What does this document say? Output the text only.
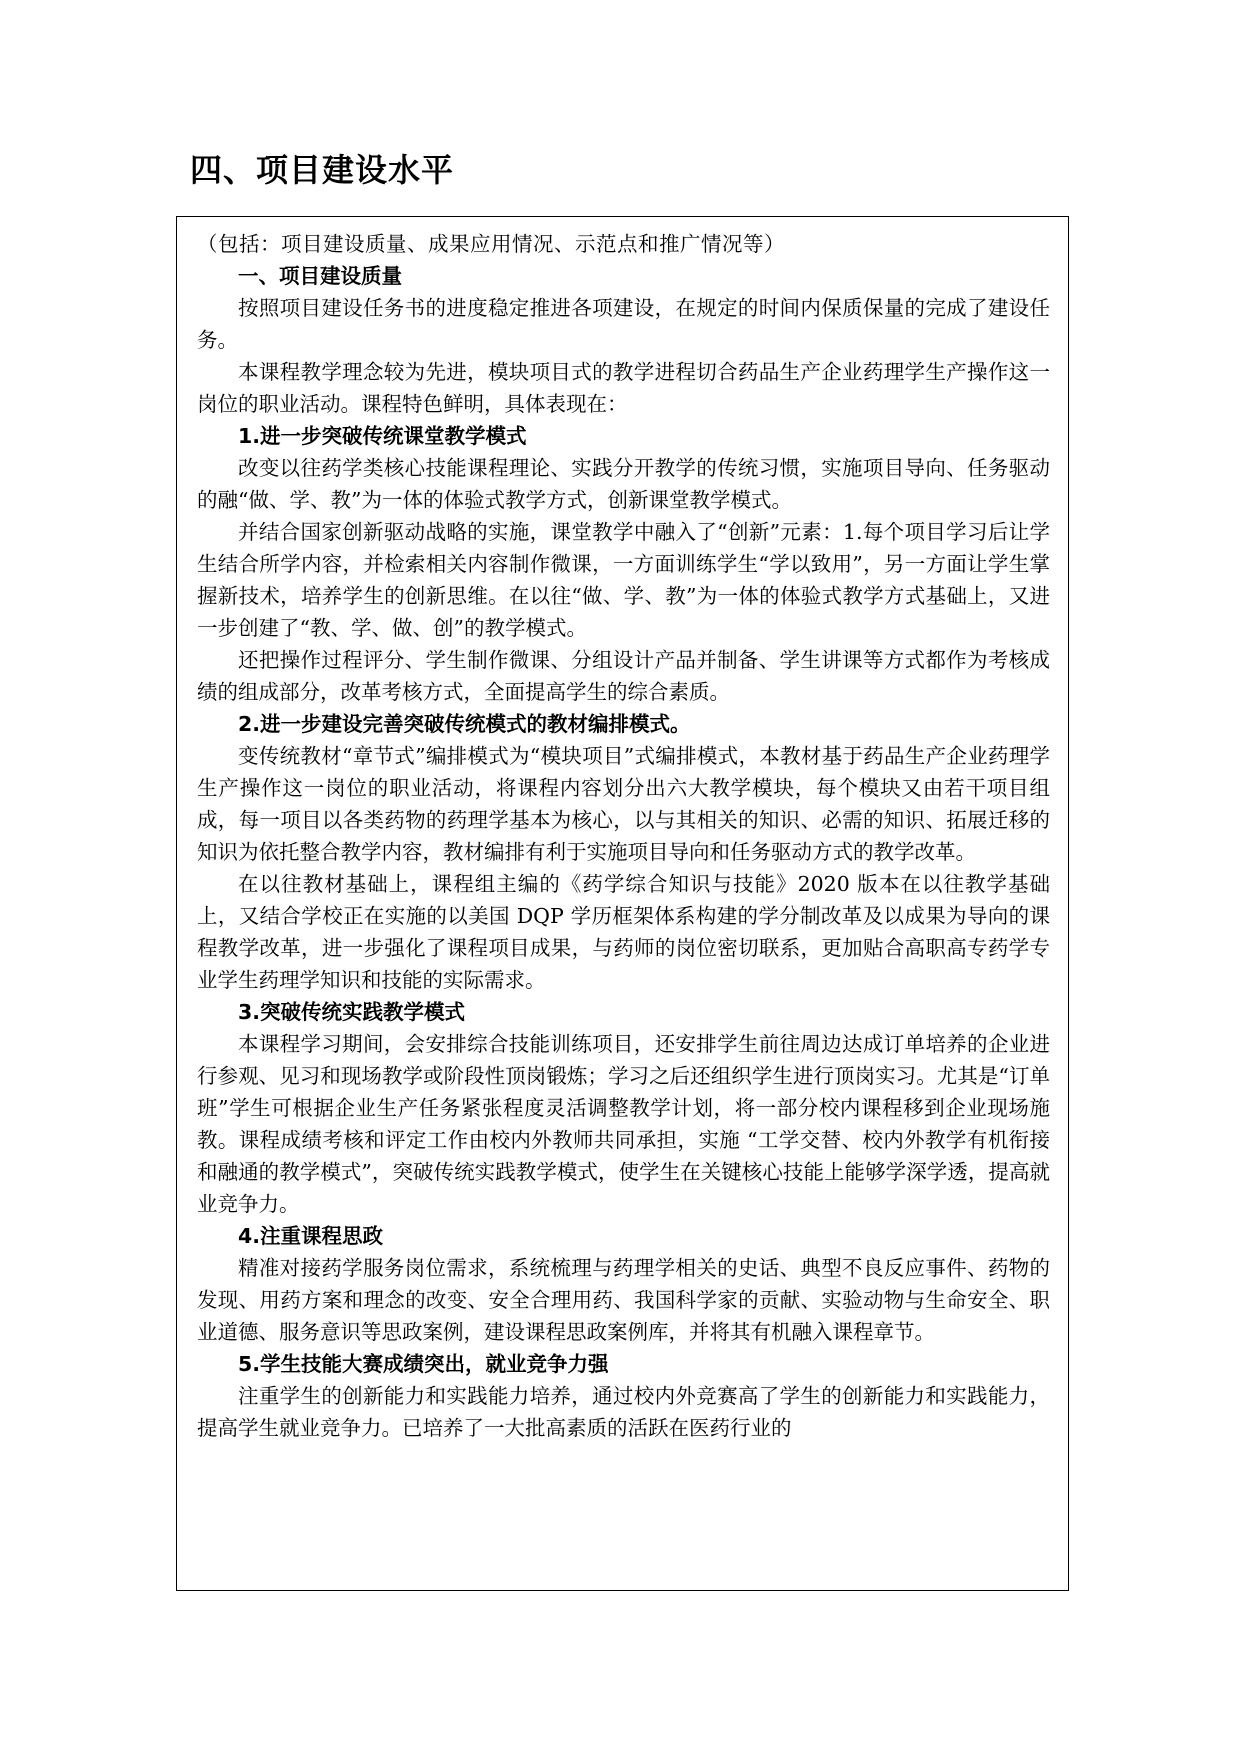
四、项目建设水平

（包括：项目建设质量、成果应用情况、示范点和推广情况等）

一、项目建设质量

按照项目建设任务书的进度稳定推进各项建设，在规定的时间内保质保量的完成了建设任务。

本课程教学理念较为先进，模块项目式的教学进程切合药品生产企业药理学生产操作这一岗位的职业活动。课程特色鲜明，具体表现在：

1.进一步突破传统课堂教学模式

改变以往药学类核心技能课程理论、实践分开教学的传统习惯，实施项目导向、任务驱动的融“做、学、教”为一体的体验式教学方式，创新课堂教学模式。

并结合国家创新驱动战略的实施，课堂教学中融入了“创新”元素：1.每个项目学习后让学生结合所学内容，并检索相关内容制作微课，一方面训练学生“学以致用”，另一方面让学生掌握新技术，培养学生的创新思维。在以往“做、学、教”为一体的体验式教学方式基础上，又进一步创建了“教、学、做、创”的教学模式。

还把操作过程评分、学生制作微课、分组设计产品并制备、学生讲课等方式都作为考核成绩的组成部分，改革考核方式，全面提高学生的综合素质。

2.进一步建设完善突破传统模式的教材编排模式。

变传统教材“章节式”编排模式为“模块项目”式编排模式，本教材基于药品生产企业药理学生产操作这一岗位的职业活动，将课程内容划分出六大教学模块，每个模块又由若干项目组成，每一项目以各类药物的药理学基本为核心，以与其相关的知识、必需的知识、拓展迁移的知识为依托整合教学内容，教材编排有利于实施项目导向和任务驱动方式的教学改革。

在以往教材基础上，课程组主编的《药学综合知识与技能》2020 版本在以往教学基础上，又结合学校正在实施的以美国 DQP 学历框架体系构建的学分制改革及以成果为导向的课程教学改革，进一步强化了课程项目成果，与药师的岗位密切联系，更加贴合高职高专药学专业学生药理学知识和技能的实际需求。

3.突破传统实践教学模式

本课程学习期间，会安排综合技能训练项目，还安排学生前往周边达成订单培养的企业进行参观、见习和现场教学或阶段性顶岗锻炼；学习之后还组织学生进行顶岗实习。尤其是“订单班”学生可根据企业生产任务紧张程度灵活调整教学计划，将一部分校内课程移到企业现场施教。课程成绩考核和评定工作由校内外教师共同承担，实施 “工学交替、校内外教学有机衔接和融通的教学模式”，突破传统实践教学模式，使学生在关键核心技能上能够学深学透，提高就业竞争力。

4.注重课程思政

精准对接药学服务岗位需求，系统梳理与药理学相关的史话、典型不良反应事件、药物的发现、用药方案和理念的改变、安全合理用药、我国科学家的贡献、实验动物与生命安全、职业道德、服务意识等思政案例，建设课程思政案例库，并将其有机融入课程章节。

5.学生技能大赛成绩突出，就业竞争力强

注重学生的创新能力和实践能力培养，通过校内外竞赛高了学生的创新能力和实践能力，提高学生就业竞争力。已培养了一大批高素质的活跃在医药行业的
